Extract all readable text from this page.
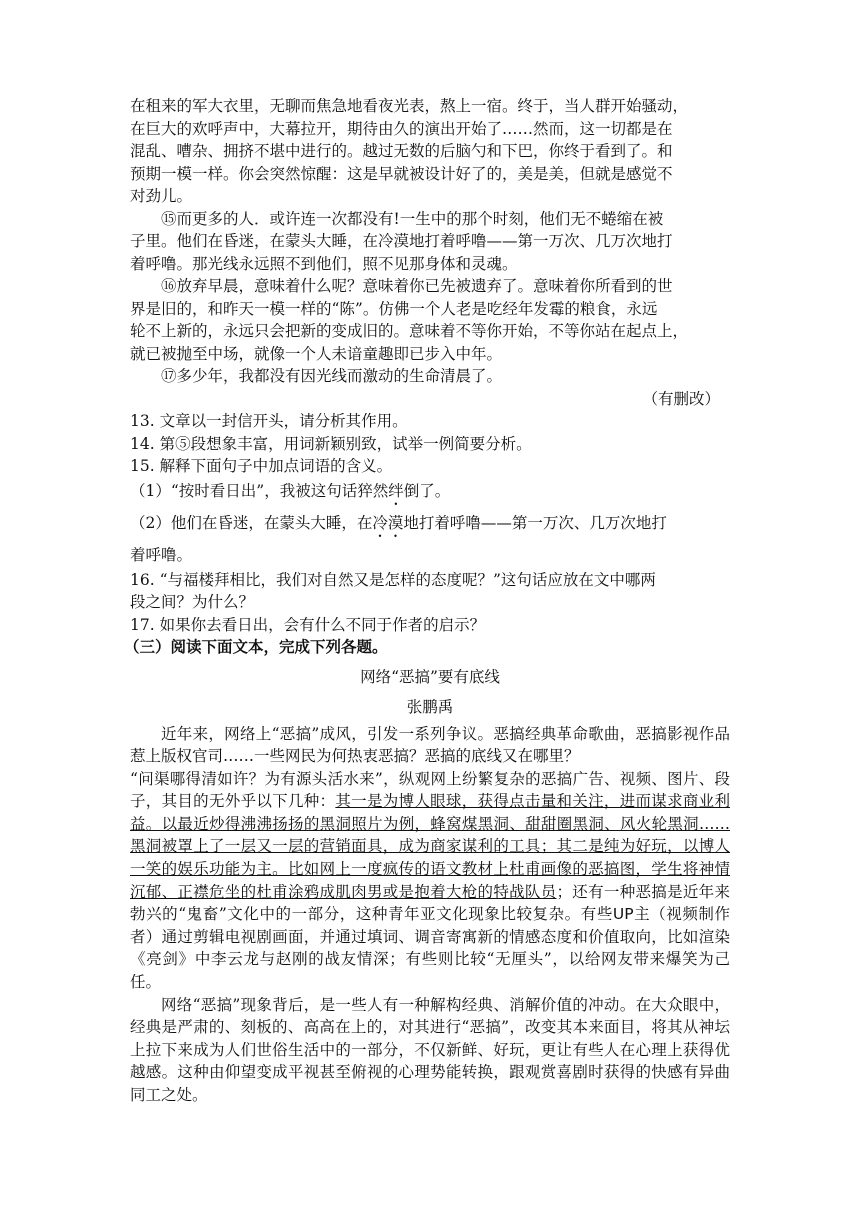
在租来的军大衣里，无聊而焦急地看夜光表，熬上一宿。终于，当人群开始骚动，
在巨大的欢呼声中，大幕拉开，期待由久的演出开始了……然而，这一切都是在
混乱、嘈杂、拥挤不堪中进行的。越过无数的后脑勺和下巴，你终于看到了。和
预期一模一样。你会突然惊醒：这是早就被设计好了的，美是美，但就是感觉不
对劲儿。
⑮而更多的人．或许连一次都没有!一生中的那个时刻，他们无不蜷缩在被
子里。他们在昏迷，在蒙头大睡，在冷漠地打着呼噜——第一万次、几万次地打
着呼噜。那光线永远照不到他们，照不见那身体和灵魂。
⑯放弃早晨，意味着什么呢？意味着你已先被遗弃了。意味着你所看到的世
界是旧的，和昨天一模一样的“陈”。仿佛一个人老是吃经年发霉的粮食，永远
轮不上新的，永远只会把新的变成旧的。意味着不等你开始，不等你站在起点上，
就已被抛至中场，就像一个人未谙童趣即已步入中年。
⑰多少年，我都没有因光线而激动的生命清晨了。
（有删改）
13. 文章以一封信开头，请分析其作用。
14. 第⑤段想象丰富，用词新颖别致，试举一例简要分析。
15. 解释下面句子中加点词语的含义。
（1）“按时看日出”，我被这句话猝然绊倒了。
（2）他们在昏迷，在蒙头大睡，在冷漠地打着呼噜——第一万次、几万次地打
着呼噜。
16. “与福楼拜相比，我们对自然又是怎样的态度呢？”这句话应放在文中哪两
段之间？为什么？
17. 如果你去看日出，会有什么不同于作者的启示？
（三）阅读下面文本，完成下列各题。
网络“恶搞”要有底线
张鹏禹

近年来，网络上“恶搞”成风，引发一系列争议。恶搞经典革命歌曲，恶搞影视作品惹上版权官司……一些网民为何热衷恶搞？恶搞的底线又在哪里？

“问渠哪得清如许？为有源头活水来”，纵观网上纷繁复杂的恶搞广告、视频、图片、段子，其目的无外乎以下几种：其一是为博人眼球，获得点击量和关注，进而谋求商业利益。以最近炒得沸沸扬扬的黑洞照片为例，蜂窝煤黑洞、甜甜圈黑洞、风火轮黑洞……黑洞被罩上了一层又一层的营销面具，成为商家谋利的工具；其二是纯为好玩，以博人一笑的娱乐功能为主。比如网上一度疯传的语文教材上杜甫画像的恶搞图，学生将神情沉郁、正襟危坐的杜甫涂鸦成肌肉男或是抱着大枪的特战队员；还有一种恶搞是近年来勃兴的“鬼畜”文化中的一部分，这种青年亚文化现象比较复杂。有些UP主（视频制作者）通过剪辑电视剧画面，并通过填词、调音寄寓新的情感态度和价值取向，比如渲染《亮剑》中李云龙与赵刚的战友情深；有些则比较“无厘头”，以给网友带来爆笑为己任。

网络“恶搞”现象背后，是一些人有一种解构经典、消解价值的冲动。在大众眼中，经典是严肃的、刻板的、高高在上的，对其进行“恶搞”，改变其本来面目，将其从神坛上拉下来成为人们世俗生活中的一部分，不仅新鲜、好玩，更让有些人在心理上获得优越感。这种由仰望变成平视甚至俯视的心理势能转换，跟观赏喜剧时获得的快感有异曲同工之处。
